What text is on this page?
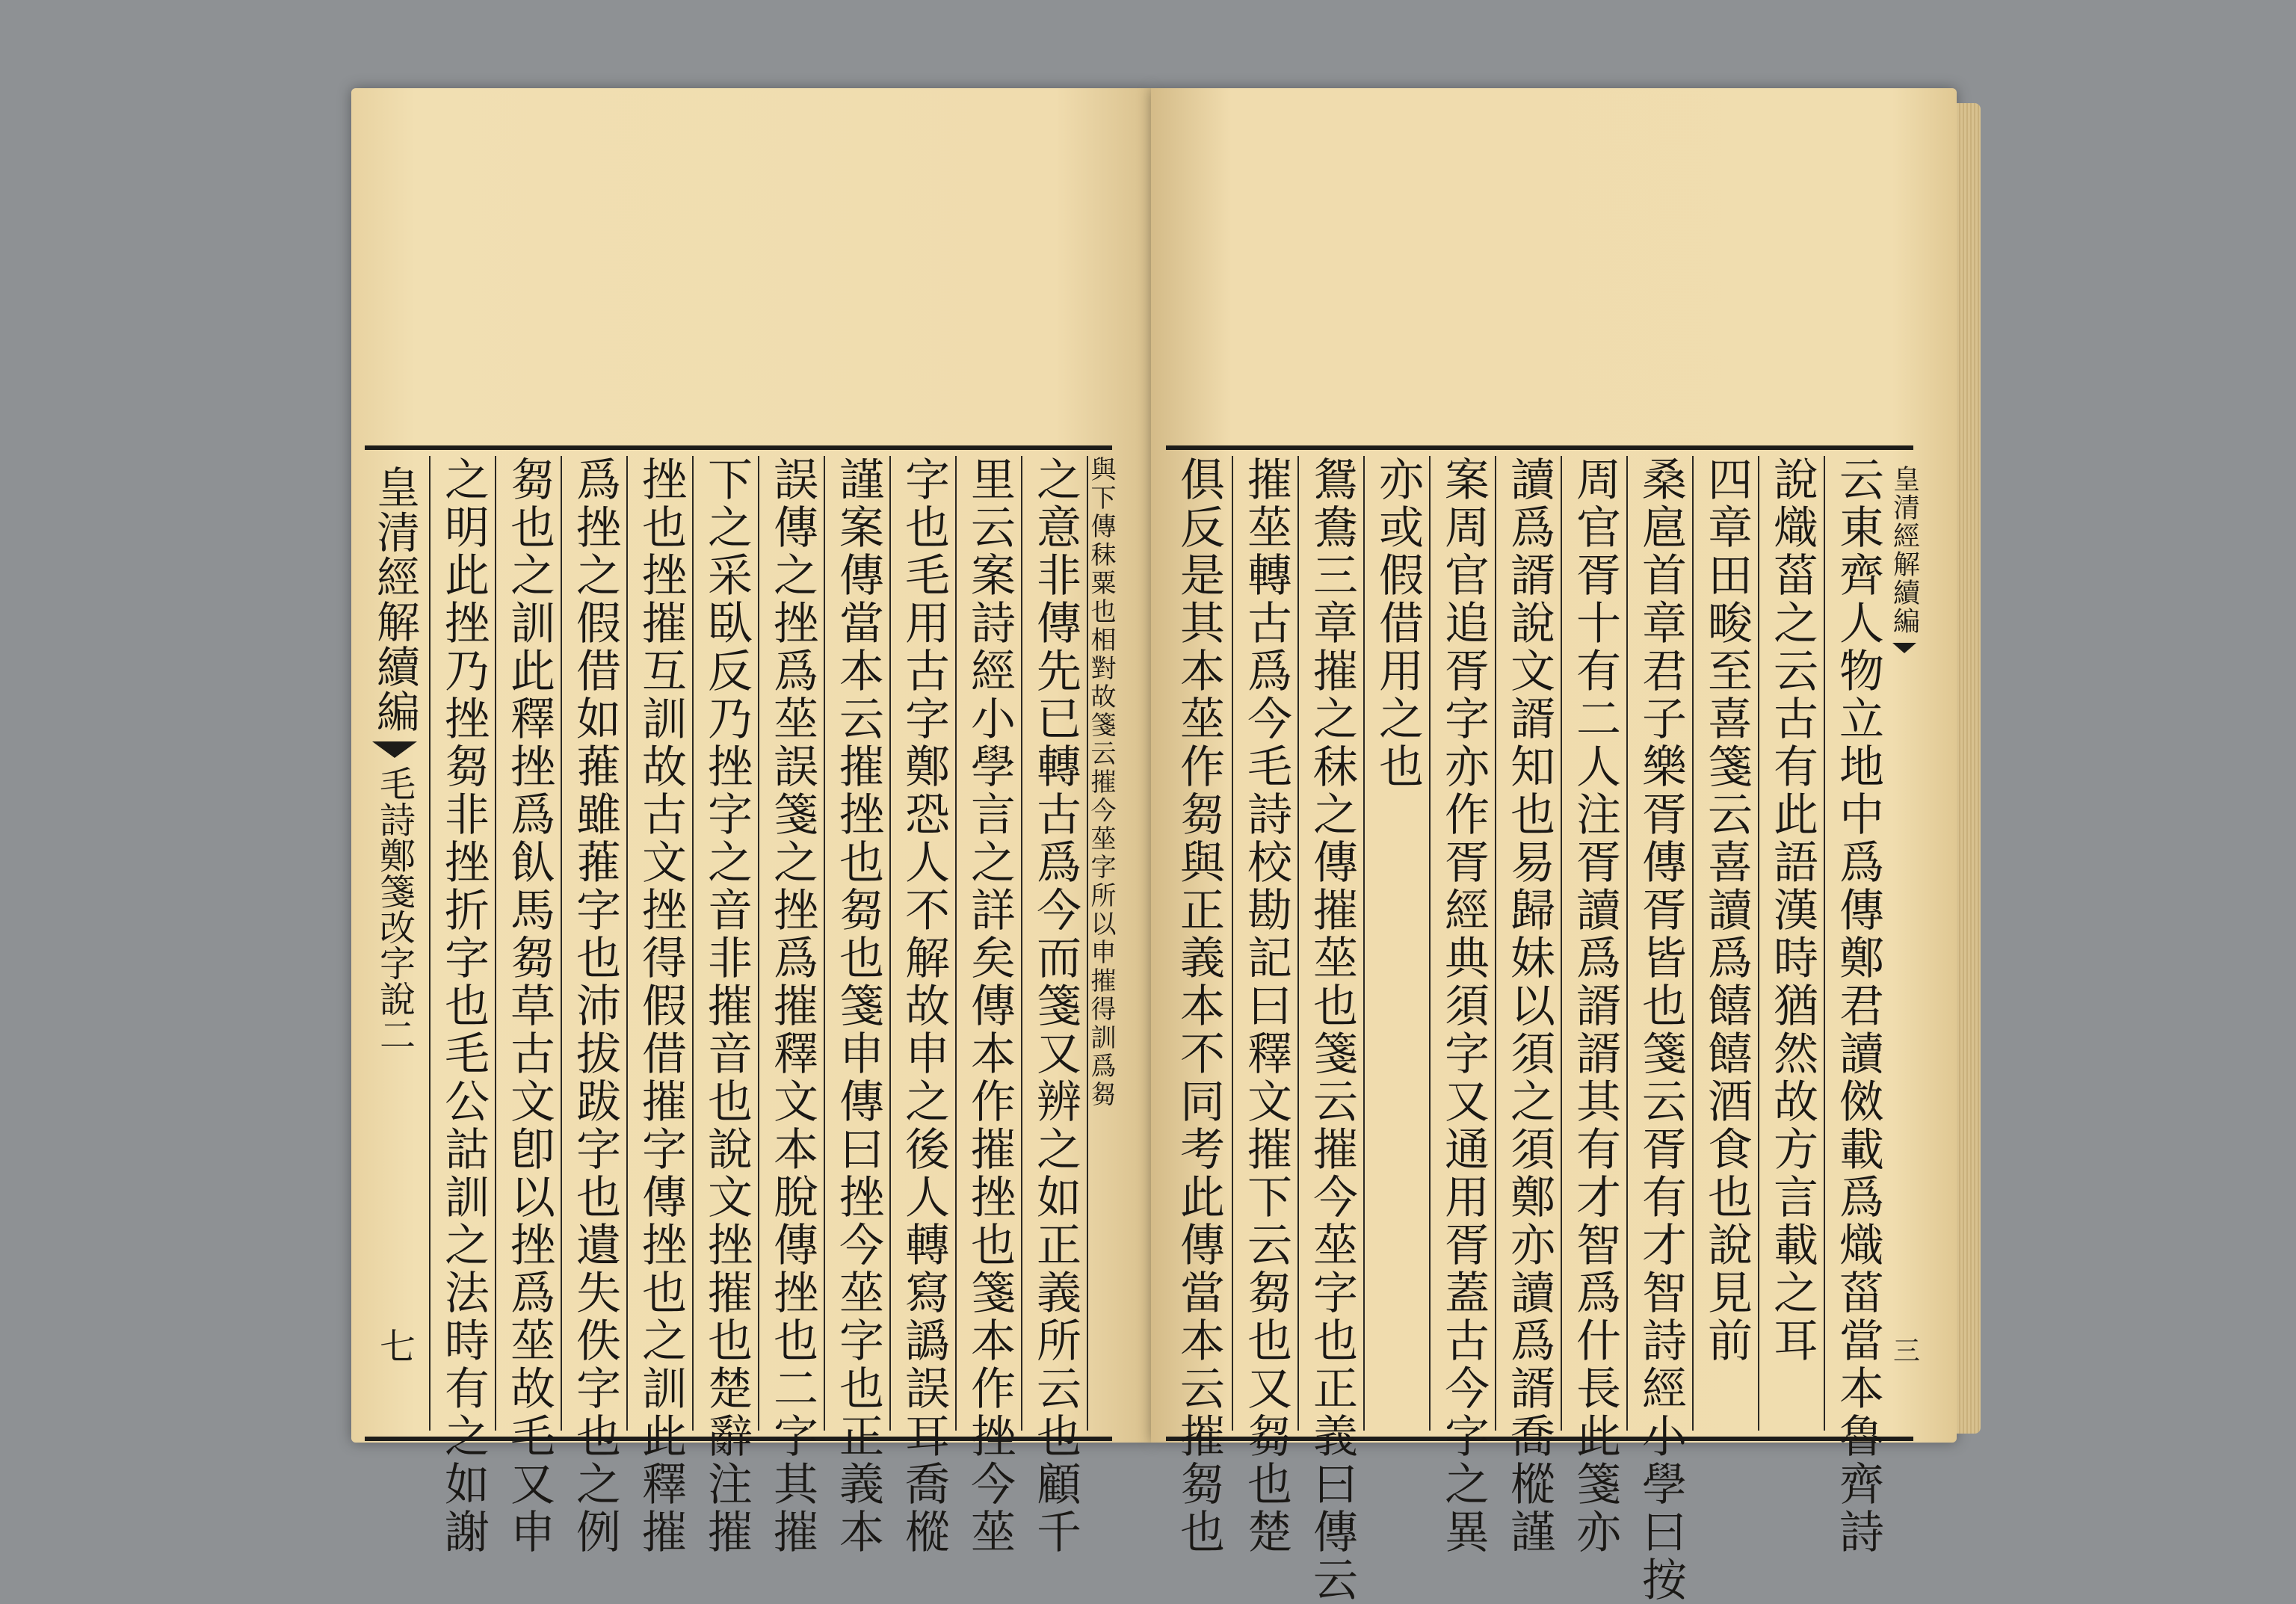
皇清經解續編
毛詩鄭箋改字說二
七 之明此挫乃挫芻非挫折字也毛公詁訓之法時有之如謝 芻也之訓此釋挫爲飤馬芻草古文卽以挫爲莝故毛又申 爲挫之假借如蓷雖蓷字也沛拔跋字也遺失佚字也之例 挫也挫摧互訓故古文挫得假借摧字傳挫也之訓此釋摧 下之采臥反乃挫字之音非摧音也說文挫摧也楚辭注摧 誤傳之挫爲莝誤箋之挫爲摧釋文本脫傳挫也二字其摧 謹案傳當本云摧挫也芻也箋申傳曰挫今莝字也正義本 字也毛用古字鄭恐人不解故申之後人轉寫譌誤耳喬樅 里云案詩經小學言之詳矣傳本作摧挫也箋本作挫今莝 之意非傳先已轉古爲今而箋又辨之如正義所云也顧千 與下傳秣粟也相對故箋云摧今莝字所以申摧得訓爲芻 俱反是其本莝作芻與正義本不同考此傳當本云摧芻也 摧莝轉古爲今毛詩校勘記曰釋文摧下云芻也又芻也楚 鴛鴦三章摧之秣之傳摧莝也箋云摧今莝字也正義曰傳云 亦或假借用之也 案周官追胥字亦作胥經典須字又通用胥蓋古今字之異 讀爲諝說文諝知也易歸妹以須之須鄭亦讀爲諝喬樅謹 周官胥十有二人注胥讀爲諝諝其有才智爲什長此箋亦 桑扈首章君子樂胥傳胥皆也箋云胥有才智詩經小學曰按 四章田畯至喜箋云喜讀爲饎饎酒食也說見前 說熾菑之云古有此語漢時猶然故方言載之耳 云東齊人物立地中爲傳鄭君讀傚載爲熾菑當本魯齊詩 皇清經解續編
三
